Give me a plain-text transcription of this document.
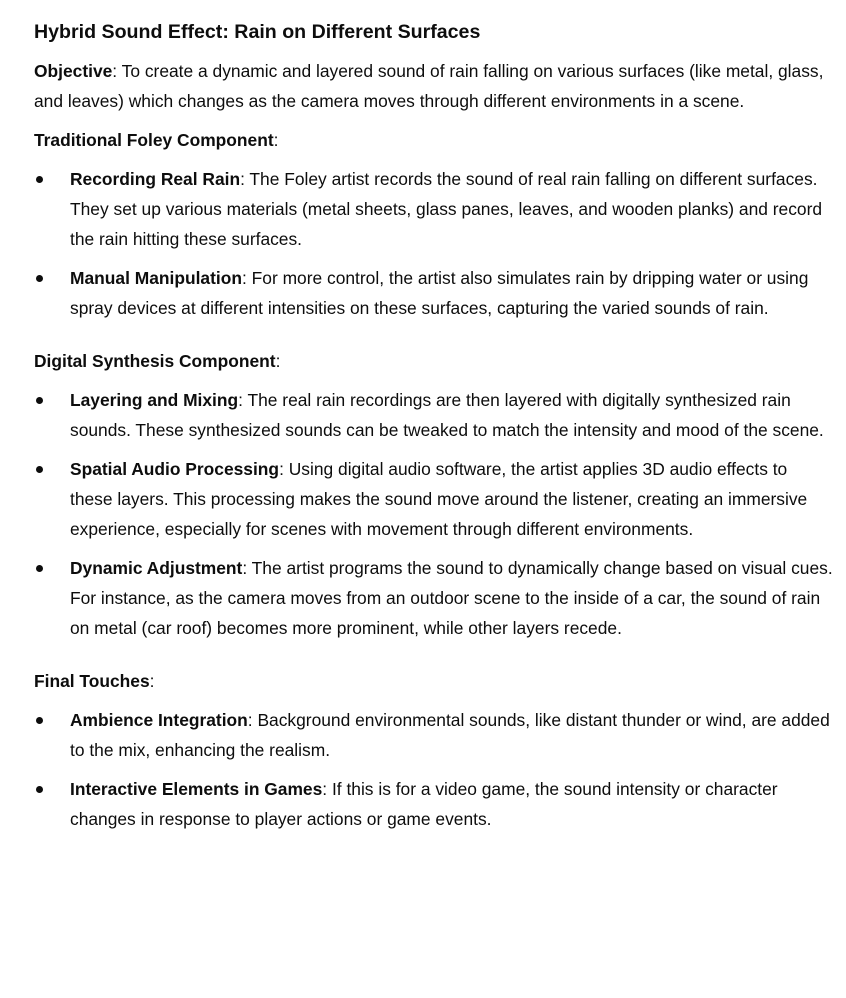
Hybrid Sound Effect: Rain on Different Surfaces
Objective: To create a dynamic and layered sound of rain falling on various surfaces (like metal, glass, and leaves) which changes as the camera moves through different environments in a scene.
Traditional Foley Component:
Recording Real Rain: The Foley artist records the sound of real rain falling on different surfaces. They set up various materials (metal sheets, glass panes, leaves, and wooden planks) and record the rain hitting these surfaces.
Manual Manipulation: For more control, the artist also simulates rain by dripping water or using spray devices at different intensities on these surfaces, capturing the varied sounds of rain.
Digital Synthesis Component:
Layering and Mixing: The real rain recordings are then layered with digitally synthesized rain sounds. These synthesized sounds can be tweaked to match the intensity and mood of the scene.
Spatial Audio Processing: Using digital audio software, the artist applies 3D audio effects to these layers. This processing makes the sound move around the listener, creating an immersive experience, especially for scenes with movement through different environments.
Dynamic Adjustment: The artist programs the sound to dynamically change based on visual cues. For instance, as the camera moves from an outdoor scene to the inside of a car, the sound of rain on metal (car roof) becomes more prominent, while other layers recede.
Final Touches:
Ambience Integration: Background environmental sounds, like distant thunder or wind, are added to the mix, enhancing the realism.
Interactive Elements in Games: If this is for a video game, the sound intensity or character changes in response to player actions or game events.
